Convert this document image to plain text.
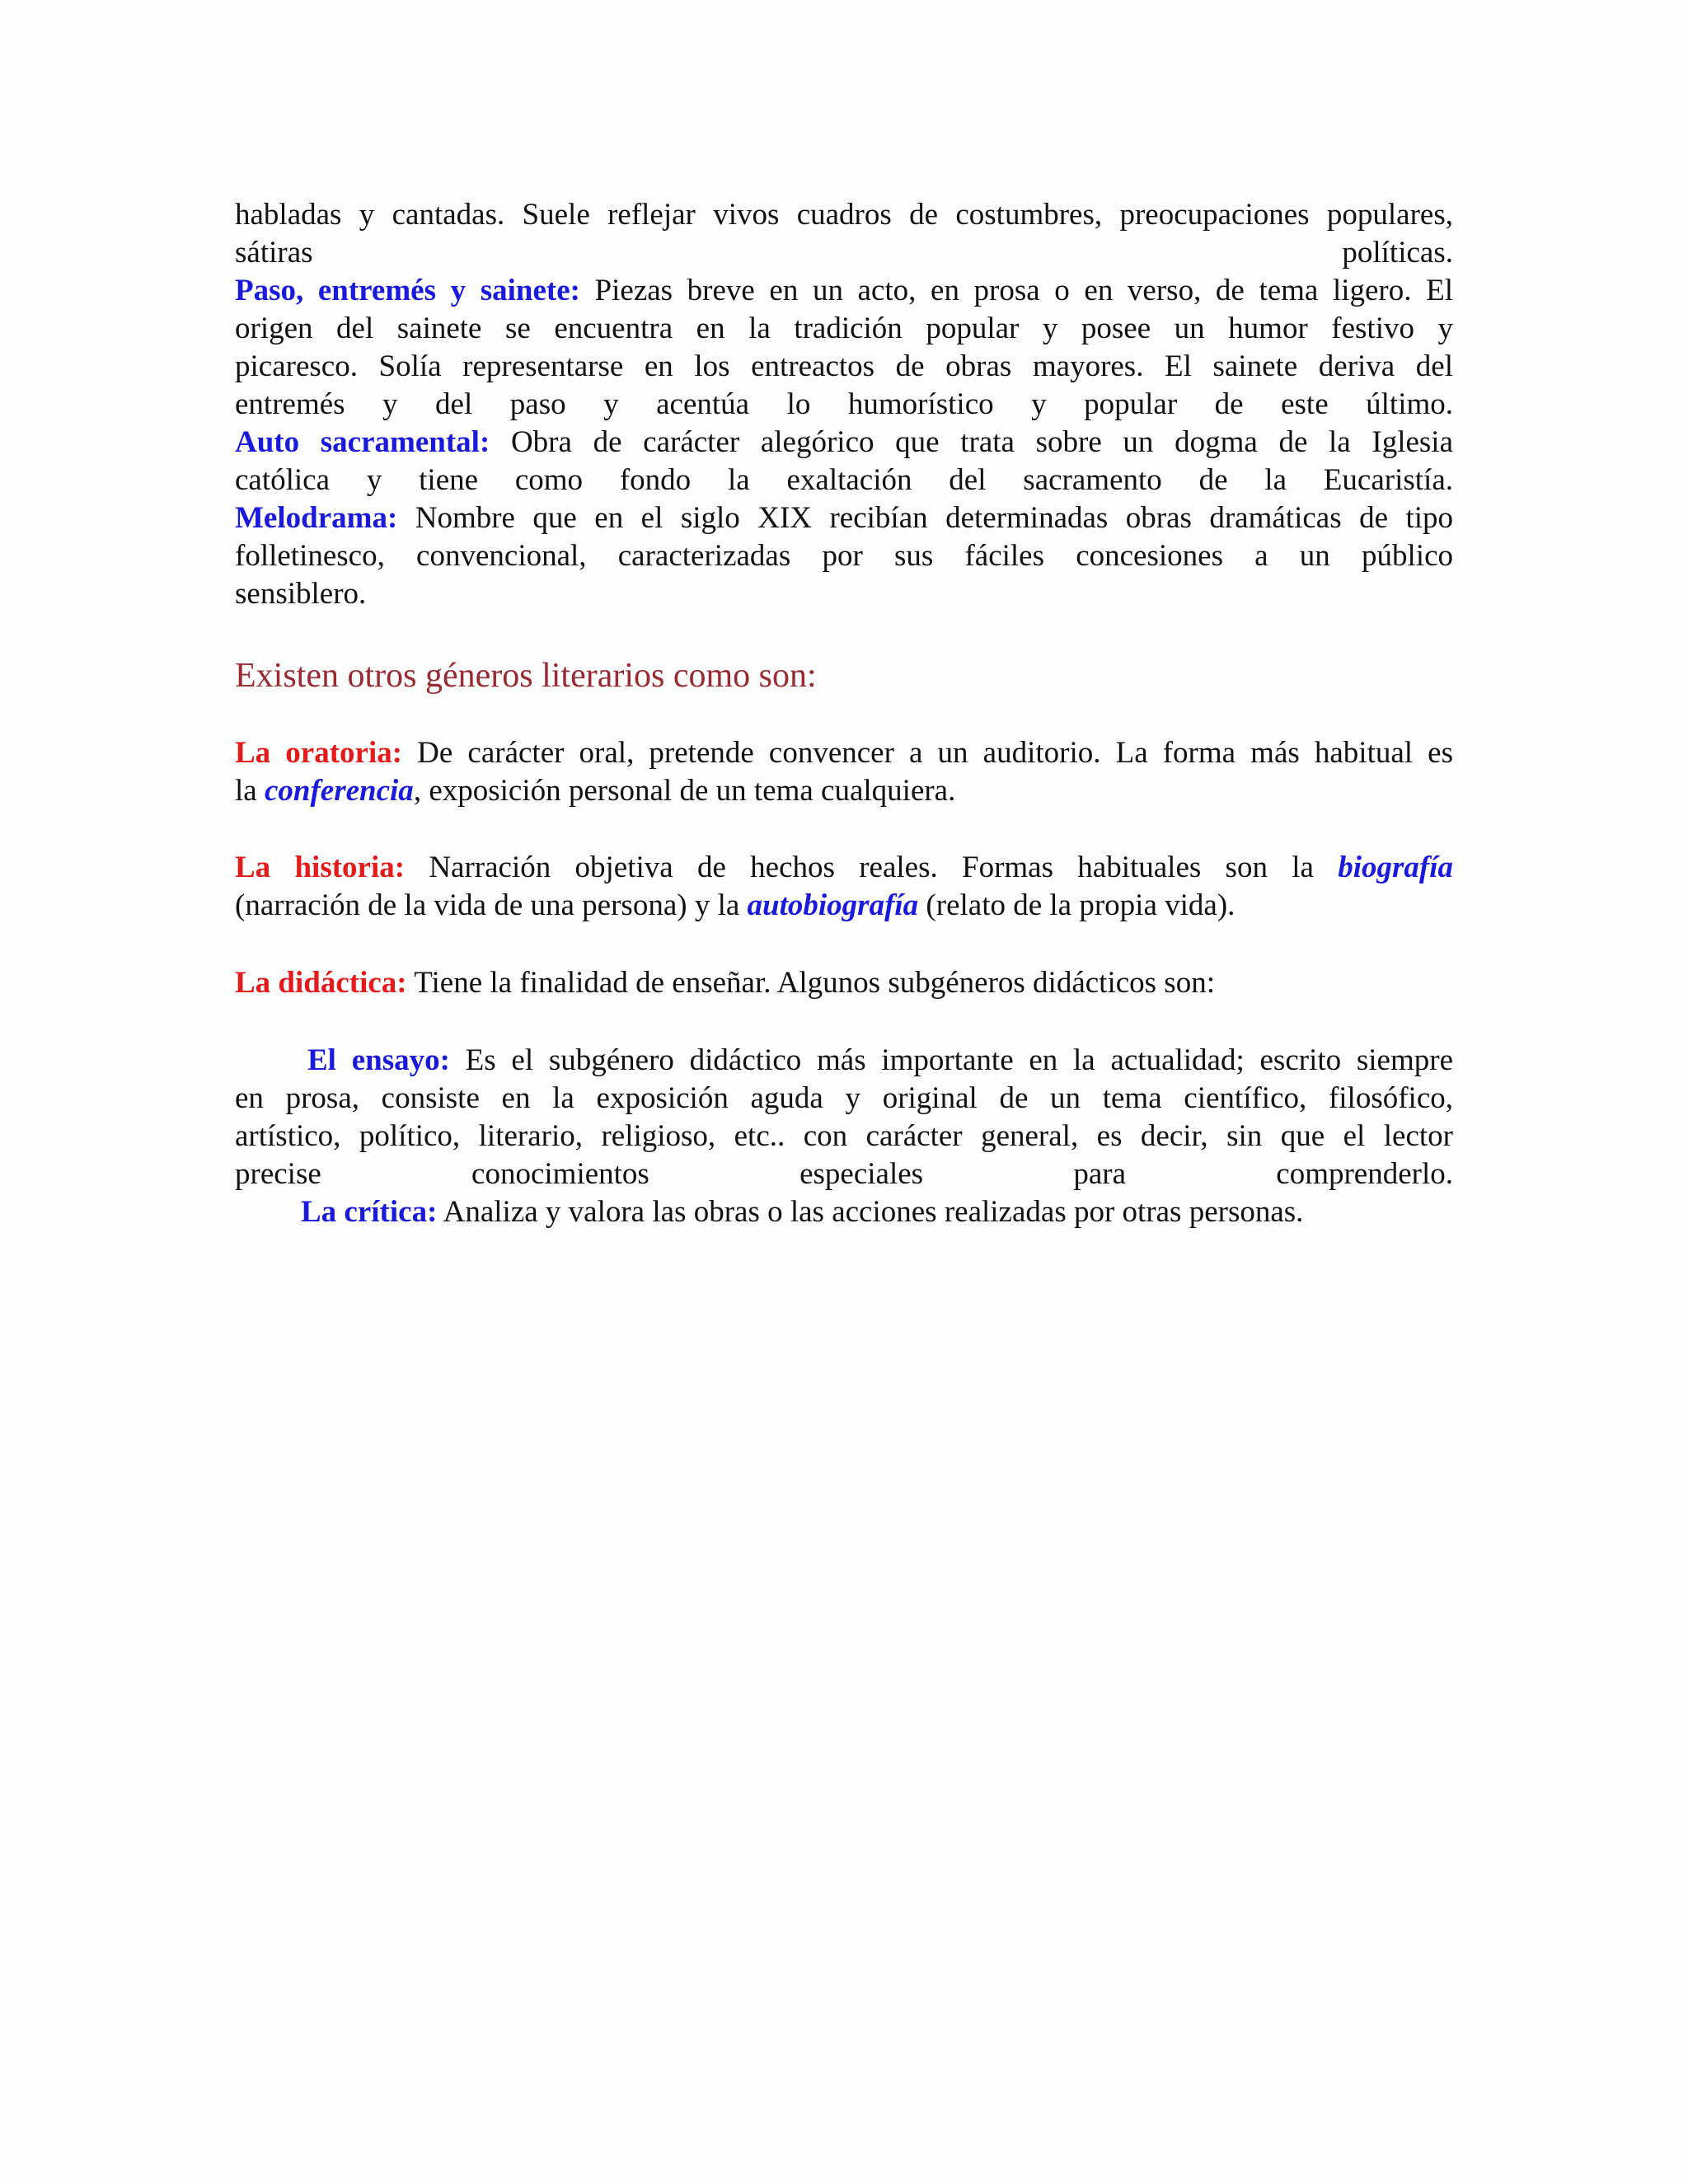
habladas y cantadas. Suele reflejar vivos cuadros de costumbres, preocupaciones populares,
sátiras	políticas.
Paso, entremés y sainete: Piezas breve en un acto, en prosa o en verso, de tema ligero. El
origen del sainete se encuentra en la tradición popular y posee un humor festivo y
picaresco. Solía representarse en los entreactos de obras mayores. El sainete deriva del
entremés y del paso y acentúa lo humorístico y popular de este último.
Auto sacramental: Obra de carácter alegórico que trata sobre un dogma de la Iglesia
católica y tiene como fondo la exaltación del sacramento de la Eucaristía.
Melodrama: Nombre que en el siglo XIX recibían determinadas obras dramáticas de tipo
folletinesco, convencional, caracterizadas por sus fáciles concesiones a un público
sensiblero.
Existen otros géneros literarios como son:
La oratoria: De carácter oral, pretende convencer a un auditorio. La forma más habitual es
la conferencia, exposición personal de un tema cualquiera.
La historia: Narración objetiva de hechos reales. Formas habituales son la biografía
(narración de la vida de una persona) y la autobiografía (relato de la propia vida).
La didáctica: Tiene la finalidad de enseñar. Algunos subgéneros didácticos son:
El ensayo: Es el subgénero didáctico más importante en la actualidad; escrito siempre
en prosa, consiste en la exposición aguda y original de un tema científico, filosófico,
artístico, político, literario, religioso, etc.. con carácter general, es decir, sin que el lector
precise conocimientos especiales para comprenderlo.
La crítica: Analiza y valora las obras o las acciones realizadas por otras personas.
